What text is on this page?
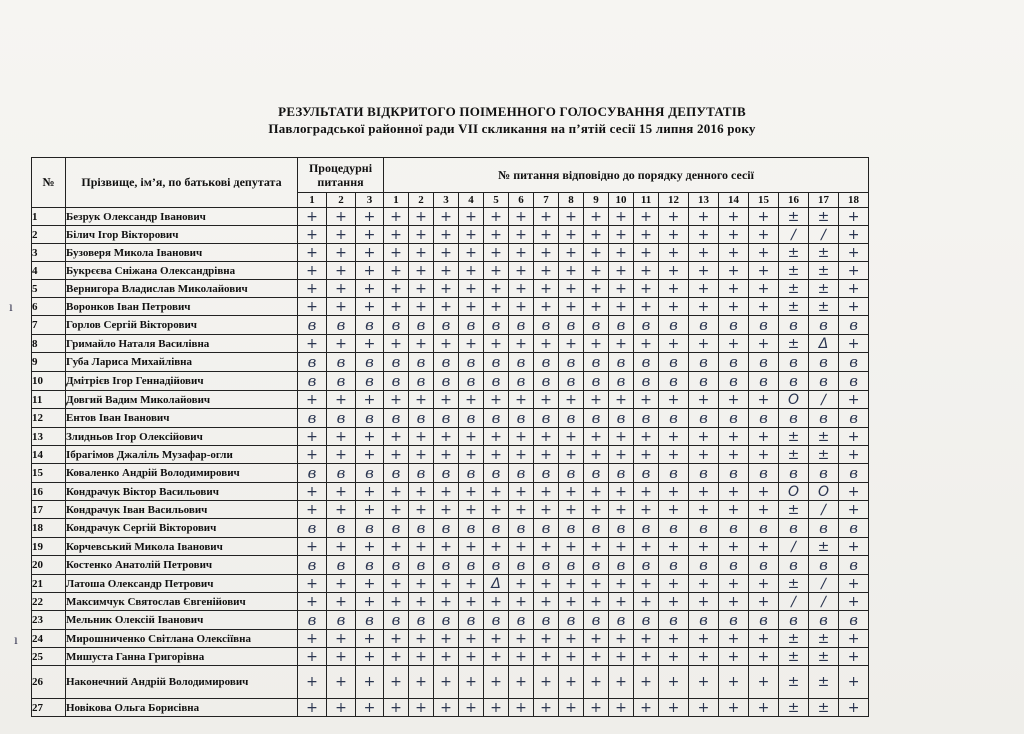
РЕЗУЛЬТАТИ ВІДКРИТОГО ПОІМЕННОГО ГОЛОСУВАННЯ ДЕПУТАТІВ
Павлоградської районної ради VII скликання на п’ятій сесії 15 липня 2016 року
№	Прізвище, ім’я, по батькові депутата	Процедурні питання			№ питання відповідно до порядку денного сесії																	
		1	2	3	1	2	3	4	5	6	7	8	9	10	11	12	13	14	15	16	17	18
1	Безрук Олександр Іванович	+	+	+	+	+	+	+	+	+	+	+	+	+	+	+	+	+	+	±	±	+
2	Білич Ігор Вікторович	+	+	+	+	+	+	+	+	+	+	+	+	+	+	+	+	+	+	∕	∕	+
3	Бузоверя Микола Іванович	+	+	+	+	+	+	+	+	+	+	+	+	+	+	+	+	+	+	±	±	+
4	Букрєєва Сніжана Олександрівна	+	+	+	+	+	+	+	+	+	+	+	+	+	+	+	+	+	+	±	±	+
5	Вернигора Владислав Миколайович	+	+	+	+	+	+	+	+	+	+	+	+	+	+	+	+	+	+	±	±	+
6	Воронков Іван Петрович	+	+	+	+	+	+	+	+	+	+	+	+	+	+	+	+	+	+	±	±	+
7	Горлов Сергій Вікторович	в	в	в	в	в	в	в	в	в	в	в	в	в	в	в	в	в	в	в	в	в
8	Гримайло Наталя Василівна	+	+	+	+	+	+	+	+	+	+	+	+	+	+	+	+	+	+	±	Δ	+
9	Губа Лариса Михайлівна	в	в	в	в	в	в	в	в	в	в	в	в	в	в	в	в	в	в	в	в	в
10	Дмітрієв Ігор Геннадійович	в	в	в	в	в	в	в	в	в	в	в	в	в	в	в	в	в	в	в	в	в
11	Довгий Вадим Миколайович	+	+	+	+	+	+	+	+	+	+	+	+	+	+	+	+	+	+	O	∕	+
12	Ентов Іван Іванович	в	в	в	в	в	в	в	в	в	в	в	в	в	в	в	в	в	в	в	в	в
13	Злидньов Ігор Олексійович	+	+	+	+	+	+	+	+	+	+	+	+	+	+	+	+	+	+	±	±	+
14	Ібрагімов Джаліль Музафар-огли	+	+	+	+	+	+	+	+	+	+	+	+	+	+	+	+	+	+	±	±	+
15	Коваленко Андрій Володимирович	в	в	в	в	в	в	в	в	в	в	в	в	в	в	в	в	в	в	в	в	в
16	Кондрачук Віктор Васильович	+	+	+	+	+	+	+	+	+	+	+	+	+	+	+	+	+	+	O	O	+
17	Кондрачук Іван Васильович	+	+	+	+	+	+	+	+	+	+	+	+	+	+	+	+	+	+	±	∕	+
18	Кондрачук Сергій Вікторович	в	в	в	в	в	в	в	в	в	в	в	в	в	в	в	в	в	в	в	в	в
19	Корчевський Микола Іванович	+	+	+	+	+	+	+	+	+	+	+	+	+	+	+	+	+	+	∕	±	+
20	Костенко Анатолій Петрович	в	в	в	в	в	в	в	в	в	в	в	в	в	в	в	в	в	в	в	в	в
21	Латоша Олександр Петрович	+	+	+	+	+	+	+	Δ	+	+	+	+	+	+	+	+	+	+	±	∕	+
22	Максимчук Святослав Євгенійович	+	+	+	+	+	+	+	+	+	+	+	+	+	+	+	+	+	+	∕	∕	+
23	Мельник Олексій Іванович	в	в	в	в	в	в	в	в	в	в	в	в	в	в	в	в	в	в	в	в	в
24	Мирошниченко Світлана Олексіївна	+	+	+	+	+	+	+	+	+	+	+	+	+	+	+	+	+	+	±	±	+
25	Мишуста Ганна Григорівна	+	+	+	+	+	+	+	+	+	+	+	+	+	+	+	+	+	+	±	±	+
26	Наконечний Андрій Володимирович	+	+	+	+	+	+	+	+	+	+	+	+	+	+	+	+	+	+	±	±	+
27	Новікова Ольга Борисівна	+	+	+	+	+	+	+	+	+	+	+	+	+	+	+	+	+	+	±	±	+
ı
ı
